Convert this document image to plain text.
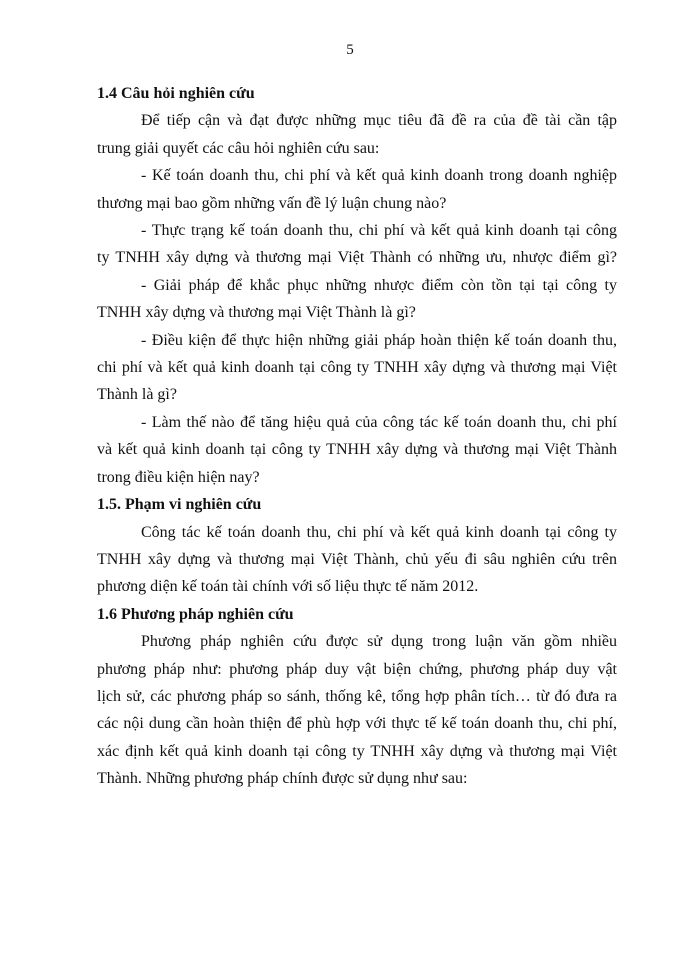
5
1.4 Câu hỏi nghiên cứu
Để tiếp cận và đạt được những mục tiêu đã đề ra của đề tài cần tập
trung giải quyết các câu hỏi nghiên cứu sau:
- Kế toán doanh thu, chi phí và kết quả kinh doanh trong doanh nghiệp
thương mại bao gồm những vấn đề lý luận chung nào?
- Thực trạng kế toán doanh thu, chi phí và kết quả kinh doanh tại công
ty TNHH xây dựng và thương mại Việt Thành có những ưu, nhược điểm gì?
- Giải pháp để khắc phục những nhược điểm còn tồn tại tại công ty
TNHH xây dựng và thương mại Việt Thành là gì?
- Điều kiện để thực hiện những giải pháp hoàn thiện kế toán doanh thu,
chi phí và kết quả kinh doanh tại công ty TNHH xây dựng và thương mại Việt
Thành là gì?
- Làm thế nào để tăng hiệu quả của công tác kế toán doanh thu, chi phí
và kết quả kinh doanh tại công ty TNHH xây dựng và thương mại Việt Thành
trong điều kiện hiện nay?
1.5. Phạm vi nghiên cứu
Công tác kế toán doanh thu, chi phí và kết quả kinh doanh tại công ty
TNHH xây dựng và thương mại Việt Thành, chủ yếu đi sâu nghiên cứu trên
phương diện kế toán tài chính với số liệu thực tế năm 2012.
1.6 Phương pháp nghiên cứu
Phương pháp nghiên cứu được sử dụng trong luận văn gồm nhiều
phương pháp như: phương pháp duy vật biện chứng, phương pháp duy vật
lịch sử, các phương pháp so sánh, thống kê, tổng hợp phân tích… từ đó đưa ra
các nội dung cần hoàn thiện để phù hợp với thực tế kế toán doanh thu, chi phí,
xác định kết quả kinh doanh tại công ty TNHH xây dựng và thương mại Việt
Thành. Những phương pháp chính được sử dụng như sau:
